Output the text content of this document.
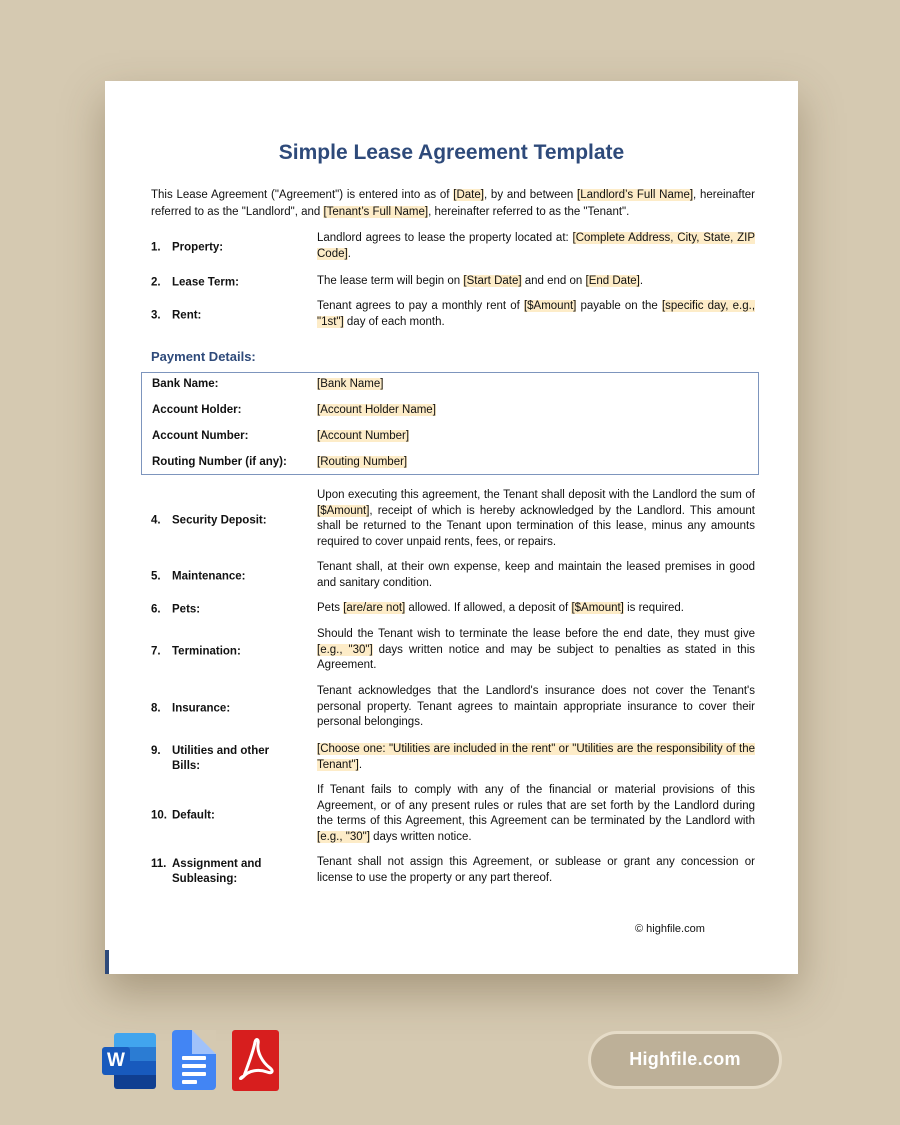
Simple Lease Agreement Template
This Lease Agreement ("Agreement") is entered into as of [Date], by and between [Landlord’s Full Name], hereinafter referred to as the "Landlord", and [Tenant’s Full Name], hereinafter referred to as the "Tenant".
1. Property:
Landlord agrees to lease the property located at: [Complete Address, City, State, ZIP Code].
2. Lease Term:	The lease term will begin on [Start Date] and end on [End Date].
3. Rent:
Tenant agrees to pay a monthly rent of [$Amount] payable on the [specific day, e.g., "1st"] day of each month.
Payment Details:
Bank Name:	[Bank Name]
Account Holder:	[Account Holder Name]
Account Number:	[Account Number]
Routing Number (if any):	[Routing Number]
4. Security Deposit:
Upon executing this agreement, the Tenant shall deposit with the Landlord the sum of [$Amount], receipt of which is hereby acknowledged by the Landlord. This amount shall be returned to the Tenant upon termination of this lease, minus any amounts required to cover unpaid rents, fees, or repairs.
5. Maintenance:
Tenant shall, at their own expense, keep and maintain the leased premises in good and sanitary condition.
6. Pets:	Pets [are/are not] allowed. If allowed, a deposit of [$Amount] is required.
7. Termination:
Should the Tenant wish to terminate the lease before the end date, they must give [e.g., "30"] days written notice and may be subject to penalties as stated in this Agreement.
8. Insurance:
Tenant acknowledges that the Landlord's insurance does not cover the Tenant's personal property. Tenant agrees to maintain appropriate insurance to cover their personal belongings.
9. Utilities and other
Bills:
[Choose one: "Utilities are included in the rent" or "Utilities are the responsibility of the Tenant"].
10. Default:
If Tenant fails to comply with any of the financial or material provisions of this Agreement, or of any present rules or rules that are set forth by the Landlord during the terms of this Agreement, this Agreement can be terminated by the Landlord with [e.g., "30"] days written notice.
11. Assignment and
Subleasing:
Tenant shall not assign this Agreement, or sublease or grant any concession or license to use the property or any part thereof.
© highfile.com
W	Highfile.com
